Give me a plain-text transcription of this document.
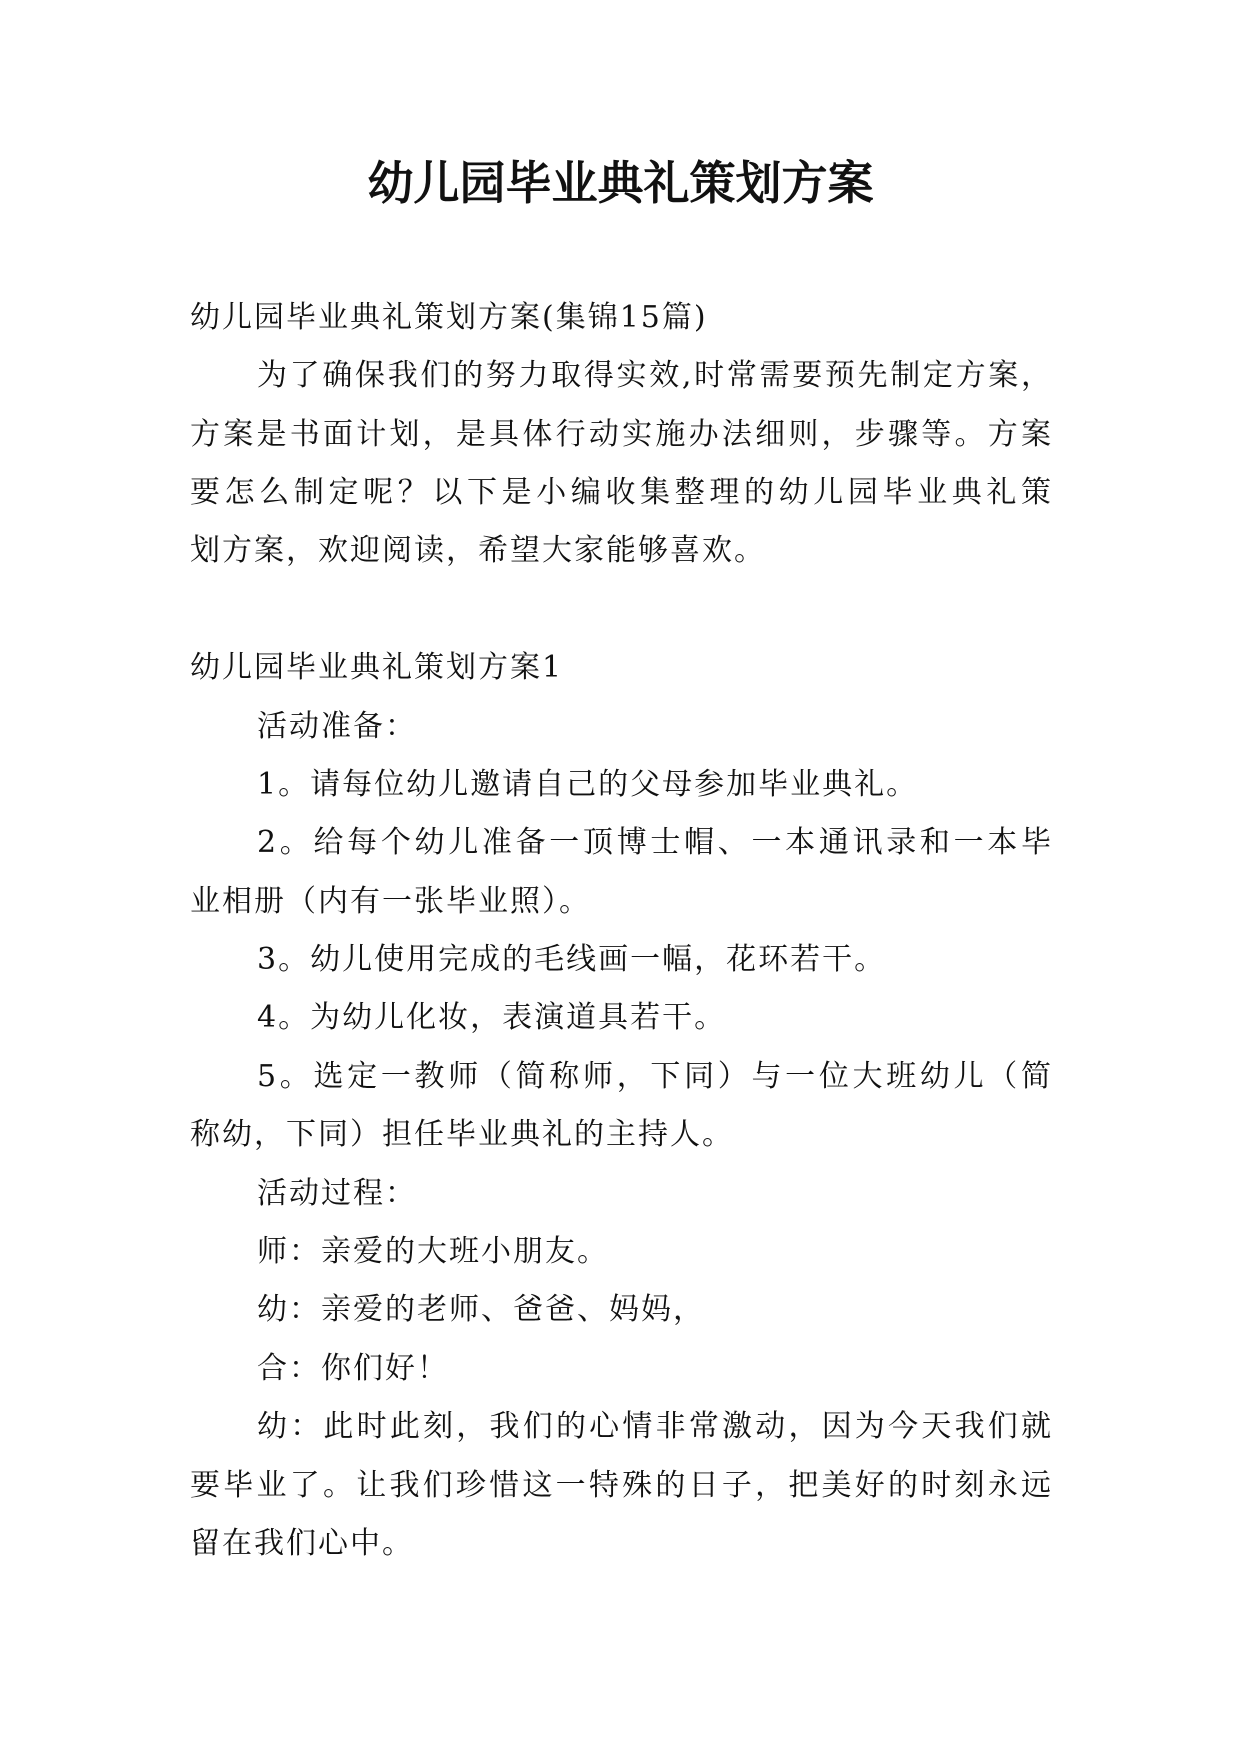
幼儿园毕业典礼策划方案
幼儿园毕业典礼策划方案(集锦15篇)
为了确保我们的努力取得实效,时常需要预先制定方案，
方案是书面计划，是具体行动实施办法细则，步骤等。方案
要怎么制定呢？以下是小编收集整理的幼儿园毕业典礼策
划方案，欢迎阅读，希望大家能够喜欢。
幼儿园毕业典礼策划方案1
活动准备：
1。请每位幼儿邀请自己的父母参加毕业典礼。
2。给每个幼儿准备一顶博士帽、一本通讯录和一本毕
业相册（内有一张毕业照）。
3。幼儿使用完成的毛线画一幅，花环若干。
4。为幼儿化妆，表演道具若干。
5。选定一教师（简称师，下同）与一位大班幼儿（简
称幼，下同）担任毕业典礼的主持人。
活动过程：
师：亲爱的大班小朋友。
幼：亲爱的老师、爸爸、妈妈，
合：你们好！
幼：此时此刻，我们的心情非常激动，因为今天我们就
要毕业了。让我们珍惜这一特殊的日子，把美好的时刻永远
留在我们心中。
